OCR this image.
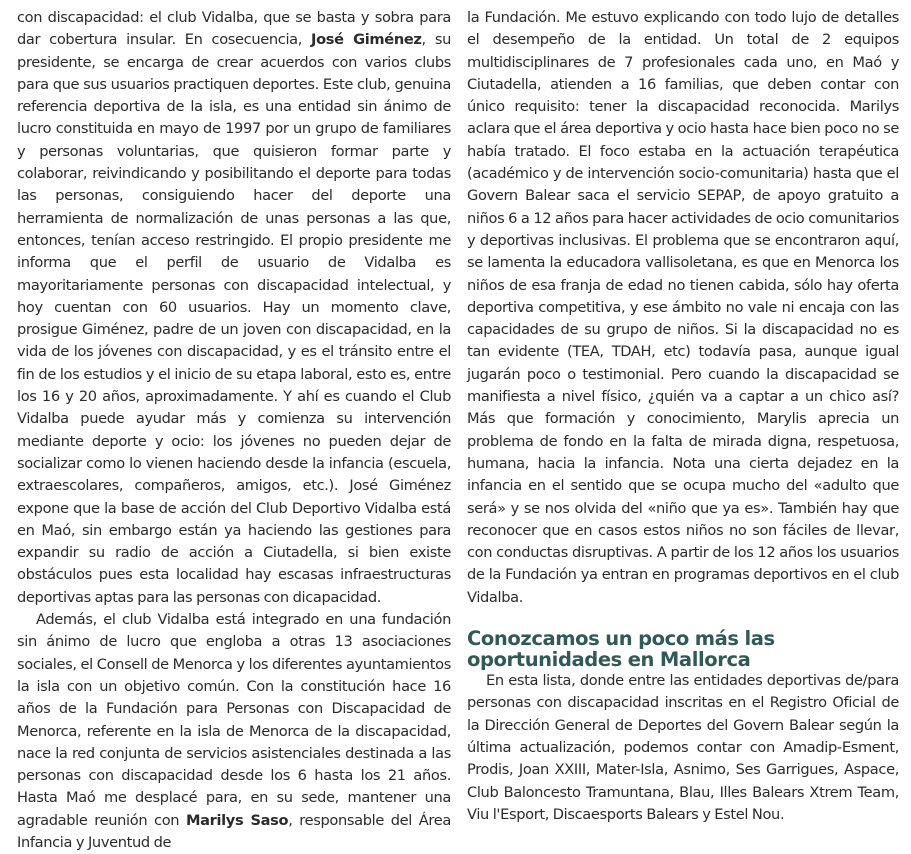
con discapacidad: el club Vidalba, que se basta y sobra para dar cobertura insular. En cosecuencia, José Giménez, su presidente, se encarga de crear acuerdos con varios clubs para que sus usuarios practiquen deportes. Este club, genuina referencia deportiva de la isla, es una entidad sin ánimo de lucro constituida en mayo de 1997 por un grupo de familiares y personas voluntarias, que quisieron formar parte y colaborar, reivindicando y posibilitando el deporte para todas las personas, consiguiendo hacer del deporte una herramienta de normalización de unas personas a las que, entonces, tenían acceso restringido. El propio presidente me informa que el perfil de usuario de Vidalba es mayoritariamente personas con discapacidad intelectual, y hoy cuentan con 60 usuarios. Hay un momento clave, prosigue Giménez, padre de un joven con discapacidad, en la vida de los jóvenes con discapacidad, y es el tránsito entre el fin de los estudios y el inicio de su etapa laboral, esto es, entre los 16 y 20 años, aproximadamente. Y ahí es cuando el Club Vidalba puede ayudar más y comienza su intervención mediante deporte y ocio: los jóvenes no pueden dejar de socializar como lo vienen haciendo desde la infancia (escuela, extraescolares, compañeros, amigos, etc.). José Giménez expone que la base de acción del Club Deportivo Vidalba está en Maó, sin embargo están ya haciendo las gestiones para expandir su radio de acción a Ciutadella, si bien existe obstáculos pues esta localidad hay escasas infraestructuras deportivas aptas para las personas con dicapacidad.

Además, el club Vidalba está integrado en una fundación sin ánimo de lucro que engloba a otras 13 asociaciones sociales, el Consell de Menorca y los diferentes ayuntamientos la isla con un objetivo común. Con la constitución hace 16 años de la Fundación para Personas con Discapacidad de Menorca, referente en la isla de Menorca de la discapacidad, nace la red conjunta de servicios asistenciales destinada a las personas con discapacidad desde los 6 hasta los 21 años. Hasta Maó me desplacé para, en su sede, mantener una agradable reunión con Marilys Saso, responsable del Área Infancia y Juventud de

la Fundación. Me estuvo explicando con todo lujo de detalles el desempeño de la entidad. Un total de 2 equipos multidisciplinares de 7 profesionales cada uno, en Maó y Ciutadella, atienden a 16 familias, que deben contar con único requisito: tener la discapacidad reconocida. Marilys aclara que el área deportiva y ocio hasta hace bien poco no se había tratado. El foco estaba en la actuación terapéutica (académico y de intervención socio-comunitaria) hasta que el Govern Balear saca el servicio SEPAP, de apoyo gratuito a niños 6 a 12 años para hacer actividades de ocio comunitarios y deportivas inclusivas. El problema que se encontraron aquí, se lamenta la educadora vallisoletana, es que en Menorca los niños de esa franja de edad no tienen cabida, sólo hay oferta deportiva competitiva, y ese ámbito no vale ni encaja con las capacidades de su grupo de niños. Si la discapacidad no es tan evidente (TEA, TDAH, etc) todavía pasa, aunque igual jugarán poco o testimonial. Pero cuando la discapacidad se manifiesta a nivel físico, ¿quién va a captar a un chico así? Más que formación y conocimiento, Marylis aprecia un problema de fondo en la falta de mirada digna, respetuosa, humana, hacia la infancia. Nota una cierta dejadez en la infancia en el sentido que se ocupa mucho del «adulto que será» y se nos olvida del «niño que ya es». También hay que reconocer que en casos estos niños no son fáciles de llevar, con conductas disruptivas. A partir de los 12 años los usuarios de la Fundación ya entran en programas deportivos en el club Vidalba.

Conozcamos un poco más las oportunidades en Mallorca

En esta lista, donde entre las entidades deportivas de/para personas con discapacidad inscritas en el Registro Oficial de la Dirección General de Deportes del Govern Balear según la última actualización, podemos contar con Amadip-Esment, Prodis, Joan XXIII, Mater-Isla, Asnimo, Ses Garrigues, Aspace, Club Baloncesto Tramuntana, Blau, Illes Balears Xtrem Team, Viu l'Esport, Discaesports Balears y Estel Nou.
